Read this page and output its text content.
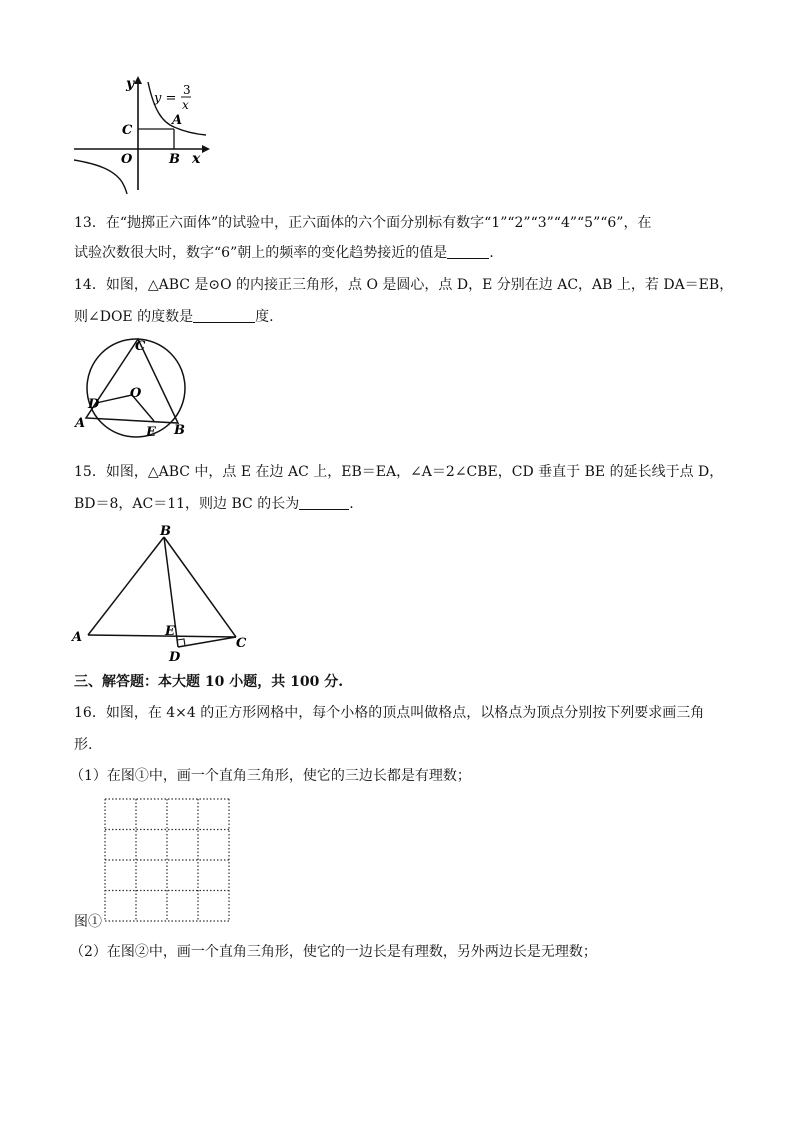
y
x
O	B
C
A
y =
3
x
13．在“抛掷正六面体”的试验中，正六面体的六个面分别标有数字“1”“2”“3”“4”“5”“6”，在
试验次数很大时，数字“6”朝上的频率的变化趋势接近的值是	.
14．如图，△ABC 是⊙O 的内接正三角形，点 O 是圆心，点 D，E 分别在边 AC，AB 上，若 DA＝EB，
则∠DOE 的度数是	度.
C
A	B
O
D
E
15．如图，△ABC 中，点 E 在边 AC 上，EB＝EA，∠A＝2∠CBE，CD 垂直于 BE 的延长线于点 D，
BD＝8，AC＝11，则边 BC 的长为	.
B
A	C
E
D
三、解答题：本大题 10 小题，共 100 分.
16．如图，在 4×4 的正方形网格中，每个小格的顶点叫做格点，以格点为顶点分别按下列要求画三角
形.
（1）在图①中，画一个直角三角形，使它的三边长都是有理数；
图①
（2）在图②中，画一个直角三角形，使它的一边长是有理数，另外两边长是无理数；
